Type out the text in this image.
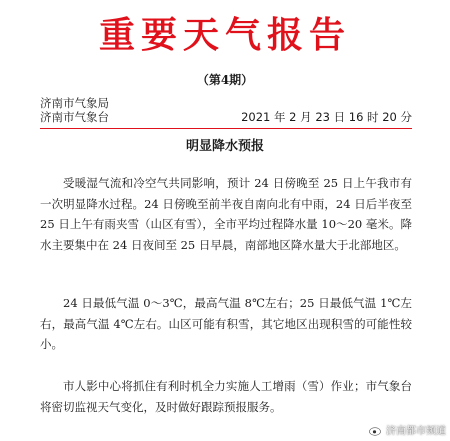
重要天气报告
（第4期）
济南市气象局
济南市气象台	2021 年 2 月 23 日 16 时 20 分
明显降水预报

受暖湿气流和冷空气共同影响，预计 24 日傍晚至 25 日上午我市有一次明显降水过程。24 日傍晚至前半夜自南向北有中雨，24 日后半夜至 25 日上午有雨夹雪（山区有雪），全市平均过程降水量 10～20 毫米。降水主要集中在 24 日夜间至 25 日早晨，南部地区降水量大于北部地区。

24 日最低气温 0～3℃，最高气温 8℃左右；25 日最低气温 1℃左右，最高气温 4℃左右。山区可能有积雪，其它地区出现积雪的可能性较小。

市人影中心将抓住有利时机全力实施人工增雨（雪）作业；市气象台将密切监视天气变化，及时做好跟踪预报服务。

济南都市频道
